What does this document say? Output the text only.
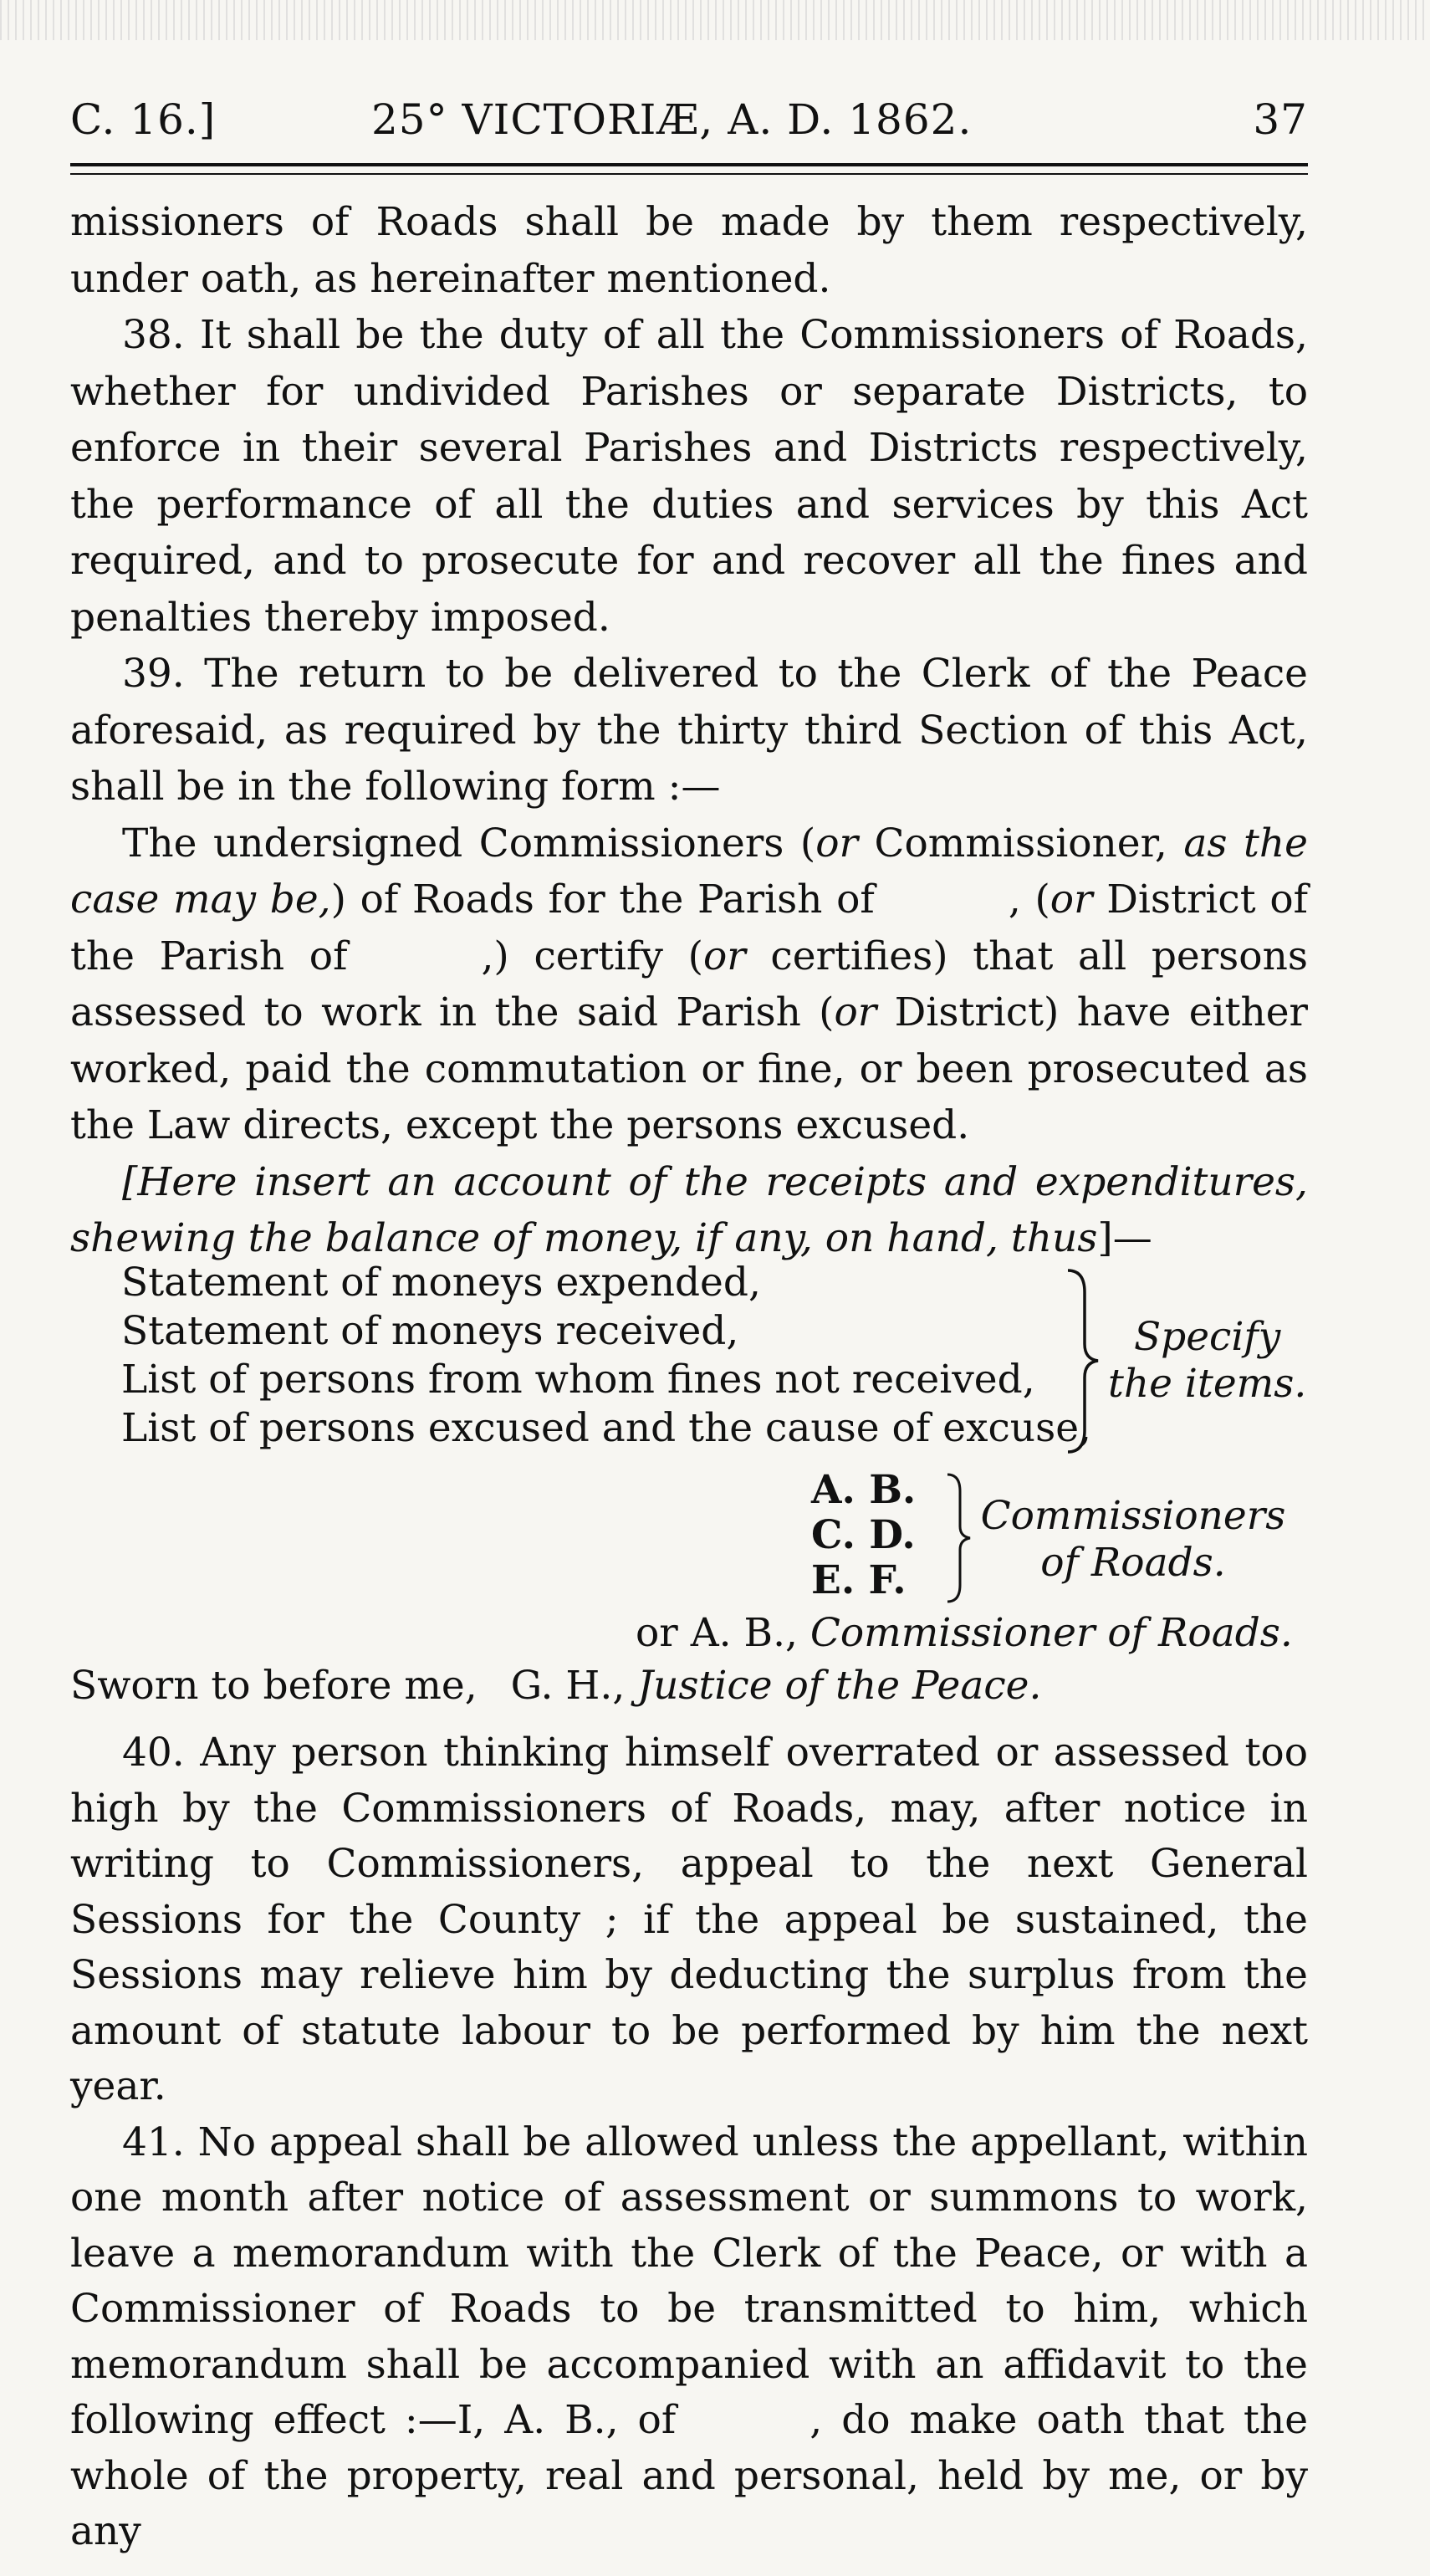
C. 16.]	25° VICTORIÆ, A. D. 1862.	37

missioners of Roads shall be made by them respectively, under oath, as hereinafter mentioned.

38. It shall be the duty of all the Commissioners of Roads, whether for undivided Parishes or separate Districts, to enforce in their several Parishes and Districts respectively, the performance of all the duties and services by this Act required, and to prosecute for and recover all the fines and penalties thereby imposed.

39. The return to be delivered to the Clerk of the Peace aforesaid, as required by the thirty third Section of this Act, shall be in the following form :—

The undersigned Commissioners (or Commissioner, as the case may be,) of Roads for the Parish of	, (or District of the Parish of	,) certify (or certifies) that all persons assessed to work in the said Parish (or District) have either worked, paid the commutation or fine, or been prosecuted as the Law directs, except the persons excused.

[Here insert an account of the receipts and expenditures, shewing the balance of money, if any, on hand, thus]—

Statement of moneys expended,
Statement of moneys received,
List of persons from whom fines not received,
List of persons excused and the cause of excuse,
Specify
the items.
A. B.
C. D.
E. F.
Commissioners
of Roads.
or A. B., Commissioner of Roads.
Sworn to before me, G. H., Justice of the Peace.

40. Any person thinking himself overrated or assessed too high by the Commissioners of Roads, may, after notice in writing to Commissioners, appeal to the next General Sessions for the County ; if the appeal be sustained, the Sessions may relieve him by deducting the surplus from the amount of statute labour to be performed by him the next year.

41. No appeal shall be allowed unless the appellant, within one month after notice of assessment or summons to work, leave a memorandum with the Clerk of the Peace, or with a Commissioner of Roads to be transmitted to him, which memorandum shall be accompanied with an affidavit to the following effect :—I, A. B., of	, do make oath that the whole of the property, real and personal, held by me, or by any
